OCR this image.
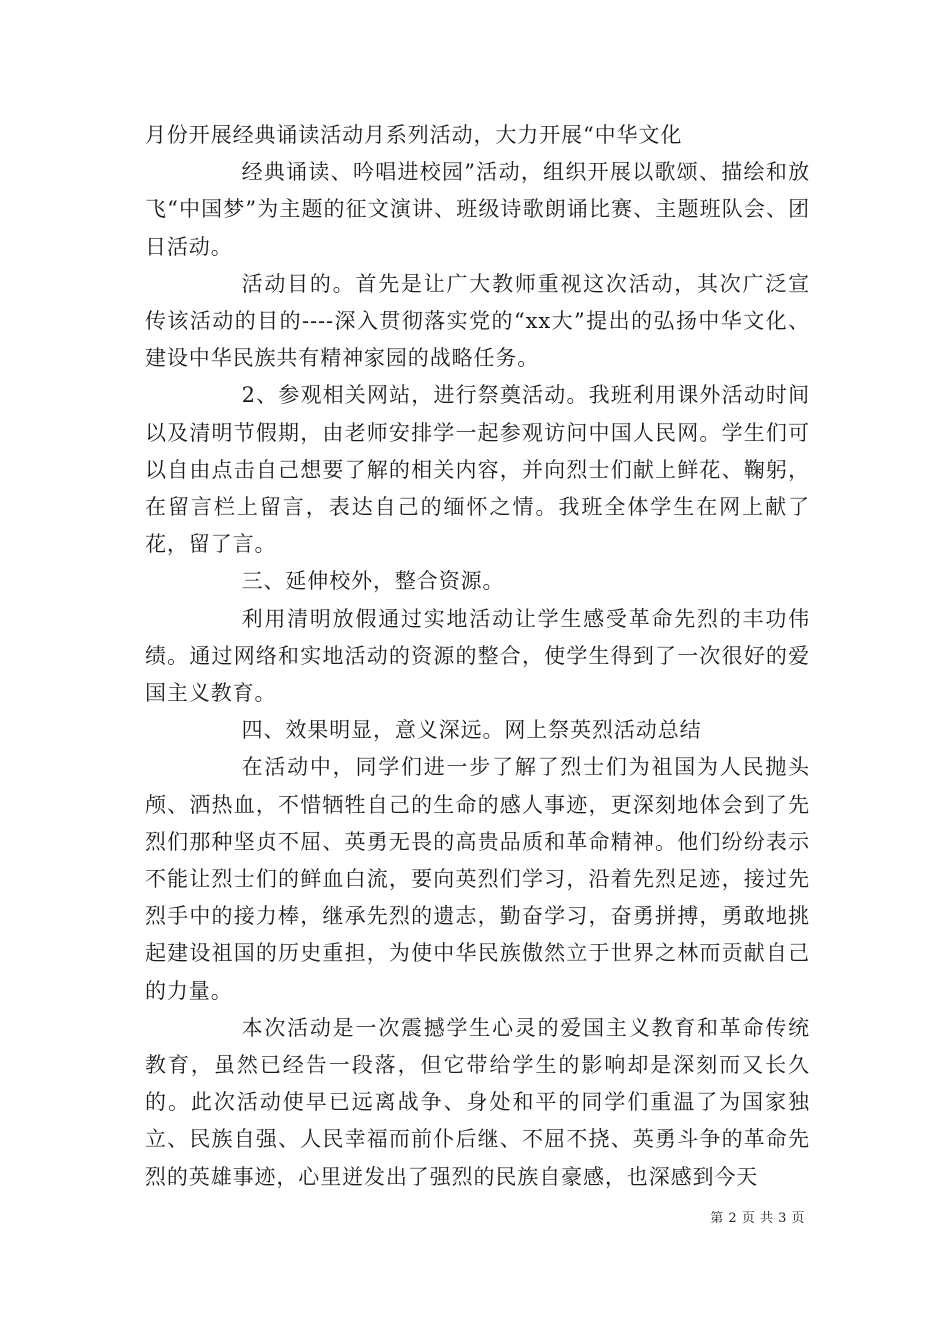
月份开展经典诵读活动月系列活动，大力开展“中华文化

经典诵读、吟唱进校园”活动，组织开展以歌颂、描绘和放飞“中国梦”为主题的征文演讲、班级诗歌朗诵比赛、主题班队会、团日活动。

活动目的。首先是让广大教师重视这次活动，其次广泛宣传该活动的目的----深入贯彻落实党的“xx大”提出的弘扬中华文化、建设中华民族共有精神家园的战略任务。

2、参观相关网站，进行祭奠活动。我班利用课外活动时间以及清明节假期，由老师安排学一起参观访问中国人民网。学生们可以自由点击自己想要了解的相关内容，并向烈士们献上鲜花、鞠躬，在留言栏上留言，表达自己的缅怀之情。我班全体学生在网上献了花，留了言。

三、延伸校外，整合资源。

利用清明放假通过实地活动让学生感受革命先烈的丰功伟绩。通过网络和实地活动的资源的整合，使学生得到了一次很好的爱国主义教育。

四、效果明显，意义深远。网上祭英烈活动总结

在活动中，同学们进一步了解了烈士们为祖国为人民抛头颅、洒热血，不惜牺牲自己的生命的感人事迹，更深刻地体会到了先烈们那种坚贞不屈、英勇无畏的高贵品质和革命精神。他们纷纷表示不能让烈士们的鲜血白流，要向英烈们学习，沿着先烈足迹，接过先烈手中的接力棒，继承先烈的遗志，勤奋学习，奋勇拼搏，勇敢地挑起建设祖国的历史重担，为使中华民族傲然立于世界之林而贡献自己的力量。

本次活动是一次震撼学生心灵的爱国主义教育和革命传统教育，虽然已经告一段落，但它带给学生的影响却是深刻而又长久的。此次活动使早已远离战争、身处和平的同学们重温了为国家独立、民族自强、人民幸福而前仆后继、不屈不挠、英勇斗争的革命先烈的英雄事迹，心里迸发出了强烈的民族自豪感，也深感到今天

第 2 页 共 3 页
